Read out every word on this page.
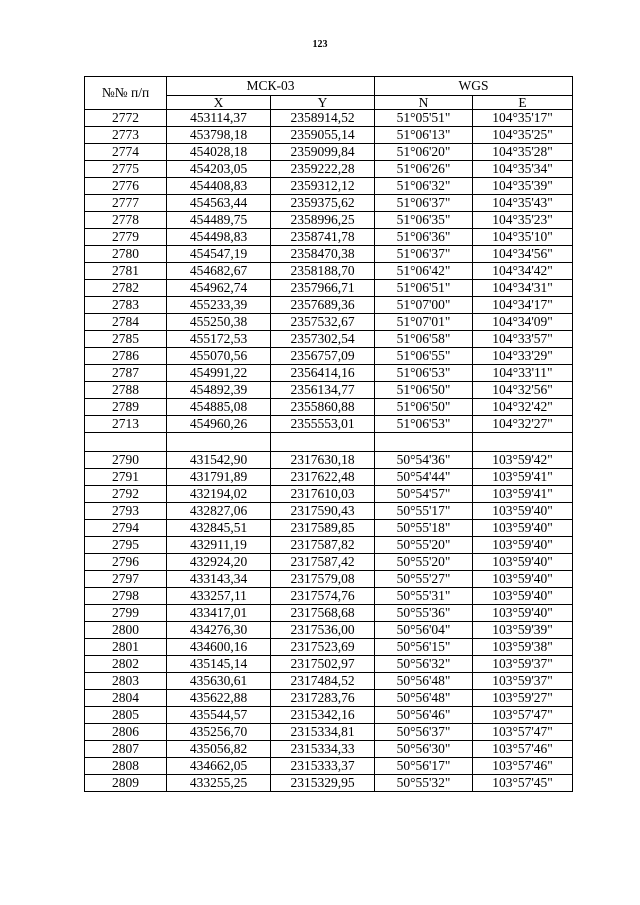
123
№№ п/п	МСК-03		WGS	
	X	Y	N	E
2772	453114,37	2358914,52	51°05'51"	104°35'17"
2773	453798,18	2359055,14	51°06'13"	104°35'25"
2774	454028,18	2359099,84	51°06'20"	104°35'28"
2775	454203,05	2359222,28	51°06'26"	104°35'34"
2776	454408,83	2359312,12	51°06'32"	104°35'39"
2777	454563,44	2359375,62	51°06'37"	104°35'43"
2778	454489,75	2358996,25	51°06'35"	104°35'23"
2779	454498,83	2358741,78	51°06'36"	104°35'10"
2780	454547,19	2358470,38	51°06'37"	104°34'56"
2781	454682,67	2358188,70	51°06'42"	104°34'42"
2782	454962,74	2357966,71	51°06'51"	104°34'31"
2783	455233,39	2357689,36	51°07'00"	104°34'17"
2784	455250,38	2357532,67	51°07'01"	104°34'09"
2785	455172,53	2357302,54	51°06'58"	104°33'57"
2786	455070,56	2356757,09	51°06'55"	104°33'29"
2787	454991,22	2356414,16	51°06'53"	104°33'11"
2788	454892,39	2356134,77	51°06'50"	104°32'56"
2789	454885,08	2355860,88	51°06'50"	104°32'42"
2713	454960,26	2355553,01	51°06'53"	104°32'27"

2790	431542,90	2317630,18	50°54'36"	103°59'42"
2791	431791,89	2317622,48	50°54'44"	103°59'41"
2792	432194,02	2317610,03	50°54'57"	103°59'41"
2793	432827,06	2317590,43	50°55'17"	103°59'40"
2794	432845,51	2317589,85	50°55'18"	103°59'40"
2795	432911,19	2317587,82	50°55'20"	103°59'40"
2796	432924,20	2317587,42	50°55'20"	103°59'40"
2797	433143,34	2317579,08	50°55'27"	103°59'40"
2798	433257,11	2317574,76	50°55'31"	103°59'40"
2799	433417,01	2317568,68	50°55'36"	103°59'40"
2800	434276,30	2317536,00	50°56'04"	103°59'39"
2801	434600,16	2317523,69	50°56'15"	103°59'38"
2802	435145,14	2317502,97	50°56'32"	103°59'37"
2803	435630,61	2317484,52	50°56'48"	103°59'37"
2804	435622,88	2317283,76	50°56'48"	103°59'27"
2805	435544,57	2315342,16	50°56'46"	103°57'47"
2806	435256,70	2315334,81	50°56'37"	103°57'47"
2807	435056,82	2315334,33	50°56'30"	103°57'46"
2808	434662,05	2315333,37	50°56'17"	103°57'46"
2809	433255,25	2315329,95	50°55'32"	103°57'45"
